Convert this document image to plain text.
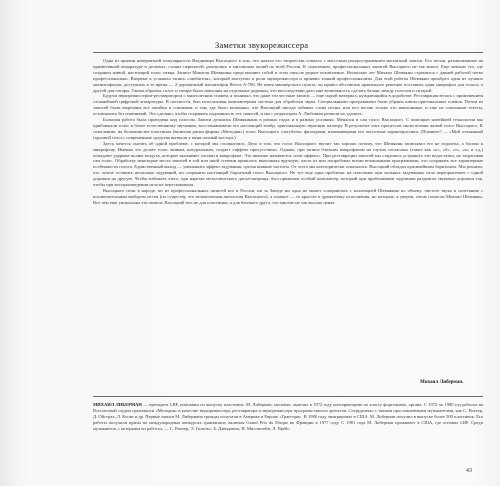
Заметки звукорежиссера

Одна из причин невероятной популярности Владимира Высоцкого в том, что начало его творчества совпало с массовым распространением магнитной записи. Его песни, размноженные на примитивной аппаратуре в десятках, сотнях переписей, разошлись в миллионах копий по всей России. К сожалению, профессиональных записей Высоцкого не так много. Еще меньше тех, где сохранен живой, настоящий голос певца. Записи Мишеля Шемякина представляют собой в этом смысле редкое исключение. Несколько лет Михаил Шемякин стремился с давней работой четко профессионально. Впервые я услышал запись «любителя», который выступил в роли звукорежиссера и проявил тонкий профессионализм. Для этой работы Шемякин приобрел один из лучших магнитофонов, доступных в то время — 2-дорожечный магнитофон Revox A-700. Не имея микшерского пульта, он провел абсолютно правильное решение поставить один микрофон для голоса, а другой для гитары. Таким образом, голос и гитара были записаны на отдельные дорожки, что впоследствии дало мне возможность сделать баланс между голосом и гитарой.

Будучи звукорежиссером-реставратором с многолетним стажем, я понимал, что даже эти честные записи — еще сырой материал, нуждающийся в доработке. Реставрация велась с применением сложнейшей цифровой аппаратуры. В частности, был использован компьютерная система для обработки звука. Специальными программами были убраны шипы оригинальных пленок. Потом из записей были вырезаны все ошибки и сомнения, и там, где было возможно, что Высоцкий иногда забывал слова песни, или пел песню только что написанные, и еще не освоенные тексты, оставлялись без изменений. Это сделано, чтобы сохранить подлинность тех записей, и мы с редактором А. Любовым решили их удалить.

Большая работа была проведена над голосом. Записи делались Шемякиным в разных годах и в разных условиях. Менялся и сам голос Высоцкого. С помощью новейшей технологии мы приближали голос к более естественному звучанию, восстанавливали его настоящий тембр, оригинальную звуковую палитру. В результате этих процессов снова возник живой голос Высоцкого. К сожалению, на большинстве пластинок (включая диски фирмы «Мелодия») голос Высоцкого «загублен» фильтрами, изменяющими его частотные характеристики. (Помните? — «Мой отчаянный горловой голос» современные средства вызвали у меня полный восторг.)

Здесь хочется сказать об одной проблеме, с которой мы столкнулись. Дело в том, что голос Высоцкого звучит так хорошо потому, что Шемякин записывал его не издалека, а близко к микрофону. Именно это делает голос живым, натуральным, создает «эффект присутствия». Однако, при записи близким микрофоном на глухих согласных (таких как «п», «б», «т», «к» и т.д.) попадают ударные волны воздуха, которые вызывают хлопки в микрофоне. Это явление называется «поп-эффект». При реставрации записей мы старались устранить эти недостатки, не затрагивая сам голос. Обработку некоторые места записей в той или иной степени пришлось выполнять вручную, часть из них попробовал всеми возможными программами, что сохранить все характерные особенности голоса. Единственный выход — уменьшить эффект задувания, срезая нижние частоты. От этого мы категорически отказались. Высоцкий обладал красивейшим баритоном. Мы решили, что лучше оставить несколько задуваний, но сохранить настоящий бархатный голос Высоцкого. Но тут еще одна проблема: на пластинке при сильных задуваниях игла перепрыгивает с одной дорожки на другую. Чтобы избежать этого, при нарезке металлического диска-матрицы, был применен особый компьютер, который при приближении задувания раздвигал звуковые дорожки так, чтобы при воспроизведении игла не перескакивала.

Высоцкого пели в народе, но из профессиональных записей все в России, ни за Западе ни одна не может соперничать с коллекцией Шемякина по объему, чистоте звука и сочетанию с исключительным выбором песен (по существу, это великолепная антология Высоцкого), а главное — то красоте и драматизму исполнения, но которые, я уверен, очень помогли Михаил Шемякин. Вот чем еще уникальны эти записи: Высоцкий пел не для пластинки, а для близкого друга, что многие не так высоко ценят.

Михаил Либерман.
МИХАИЛ ЛИБЕРМАН — президент LBF, компании по выпуску пластинок. М. Либерман, москвич, окончил в 1972 году консерваторию по классу фортепиано, органа. С 1972 по 1980 год работал на Всесоюзной студии грамзаписи «Мелодия» в качестве звукорежиссера, реставратора и звукорежиссера программ многих артистов. Сотрудничал с такими прославленными музыкантами, как С. Рихтер, Д. Ойстрах, Л. Коган и др. Первые записи М. Либермана трижды получали в Америке и Европе «Гран-при». В 1980 году эмигрировал в США. М. Либерман получил в выпуске более 500 пластинок. Его работы получили призы на международных конкурсах грамзаписи, включая Grand Prix du Disque во Франции в 1977 году. С 1981 года М. Либерман проживает в США, где основал LBF. Среди музыкантов, с которыми он работал, — С. Рихтер, Э. Гилельс, Б. Давидович, И. Миллштейн, Л. Прейс.
43
